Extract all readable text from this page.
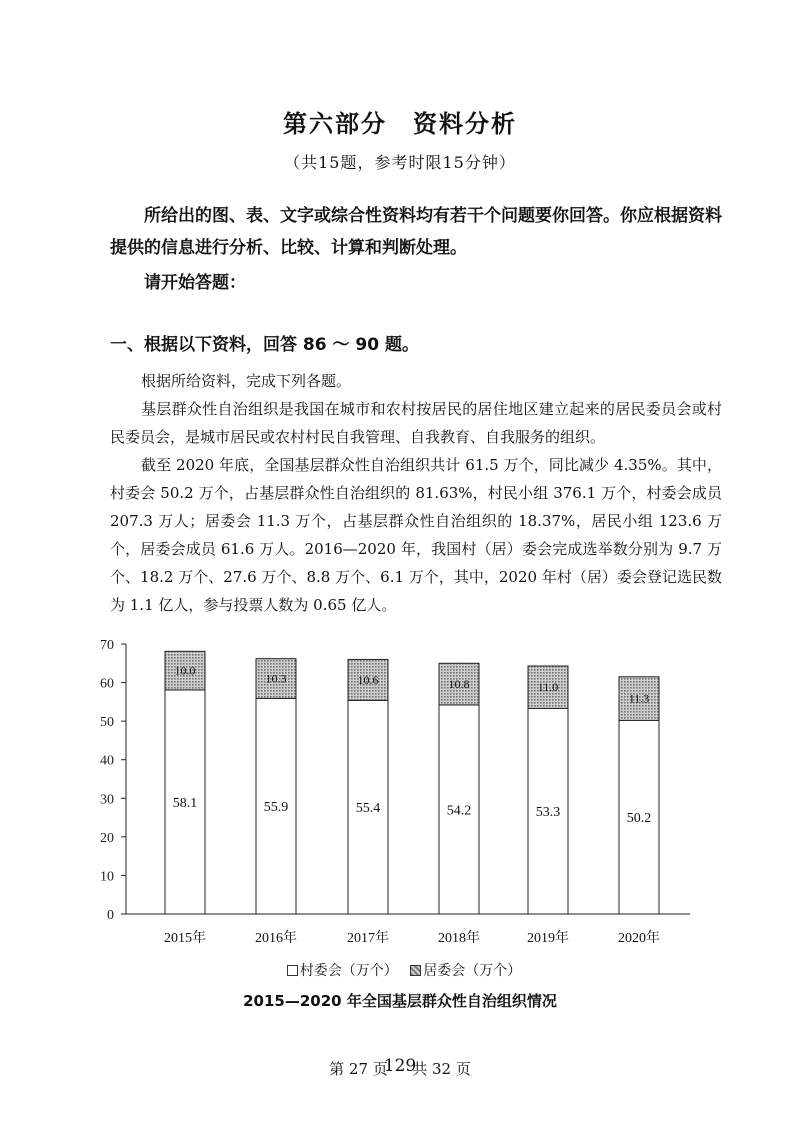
第六部分　资料分析
（共15题，参考时限15分钟）
所给出的图、表、文字或综合性资料均有若干个问题要你回答。你应根据资料提供的信息进行分析、比较、计算和判断处理。
请开始答题：
一、根据以下资料，回答 86 ～ 90 题。
根据所给资料，完成下列各题。
基层群众性自治组织是我国在城市和农村按居民的居住地区建立起来的居民委员会或村民委员会，是城市居民或农村村民自我管理、自我教育、自我服务的组织。
截至 2020 年底，全国基层群众性自治组织共计 61.5 万个，同比减少 4.35%。其中，村委会 50.2 万个，占基层群众性自治组织的 81.63%，村民小组 376.1 万个，村委会成员 207.3 万人；居委会 11.3 万个，占基层群众性自治组织的 18.37%，居民小组 123.6 万个，居委会成员 61.6 万人。2016—2020 年，我国村（居）委会完成选举数分别为 9.7 万个、18.2 万个、27.6 万个、8.8 万个、6.1 万个，其中，2020 年村（居）委会登记选民数为 1.1 亿人，参与投票人数为 0.65 亿人。
0
10
20
30
40
50
60
70
58.1
10.0
2015年
55.9
10.3
2016年
55.4
10.6
2017年
54.2
10.8
2018年
53.3
11.0
2019年
50.2
11.3
2020年
村委会（万个） 居委会（万个）
2015—2020 年全国基层群众性自治组织情况
第 27 页129共 32 页
